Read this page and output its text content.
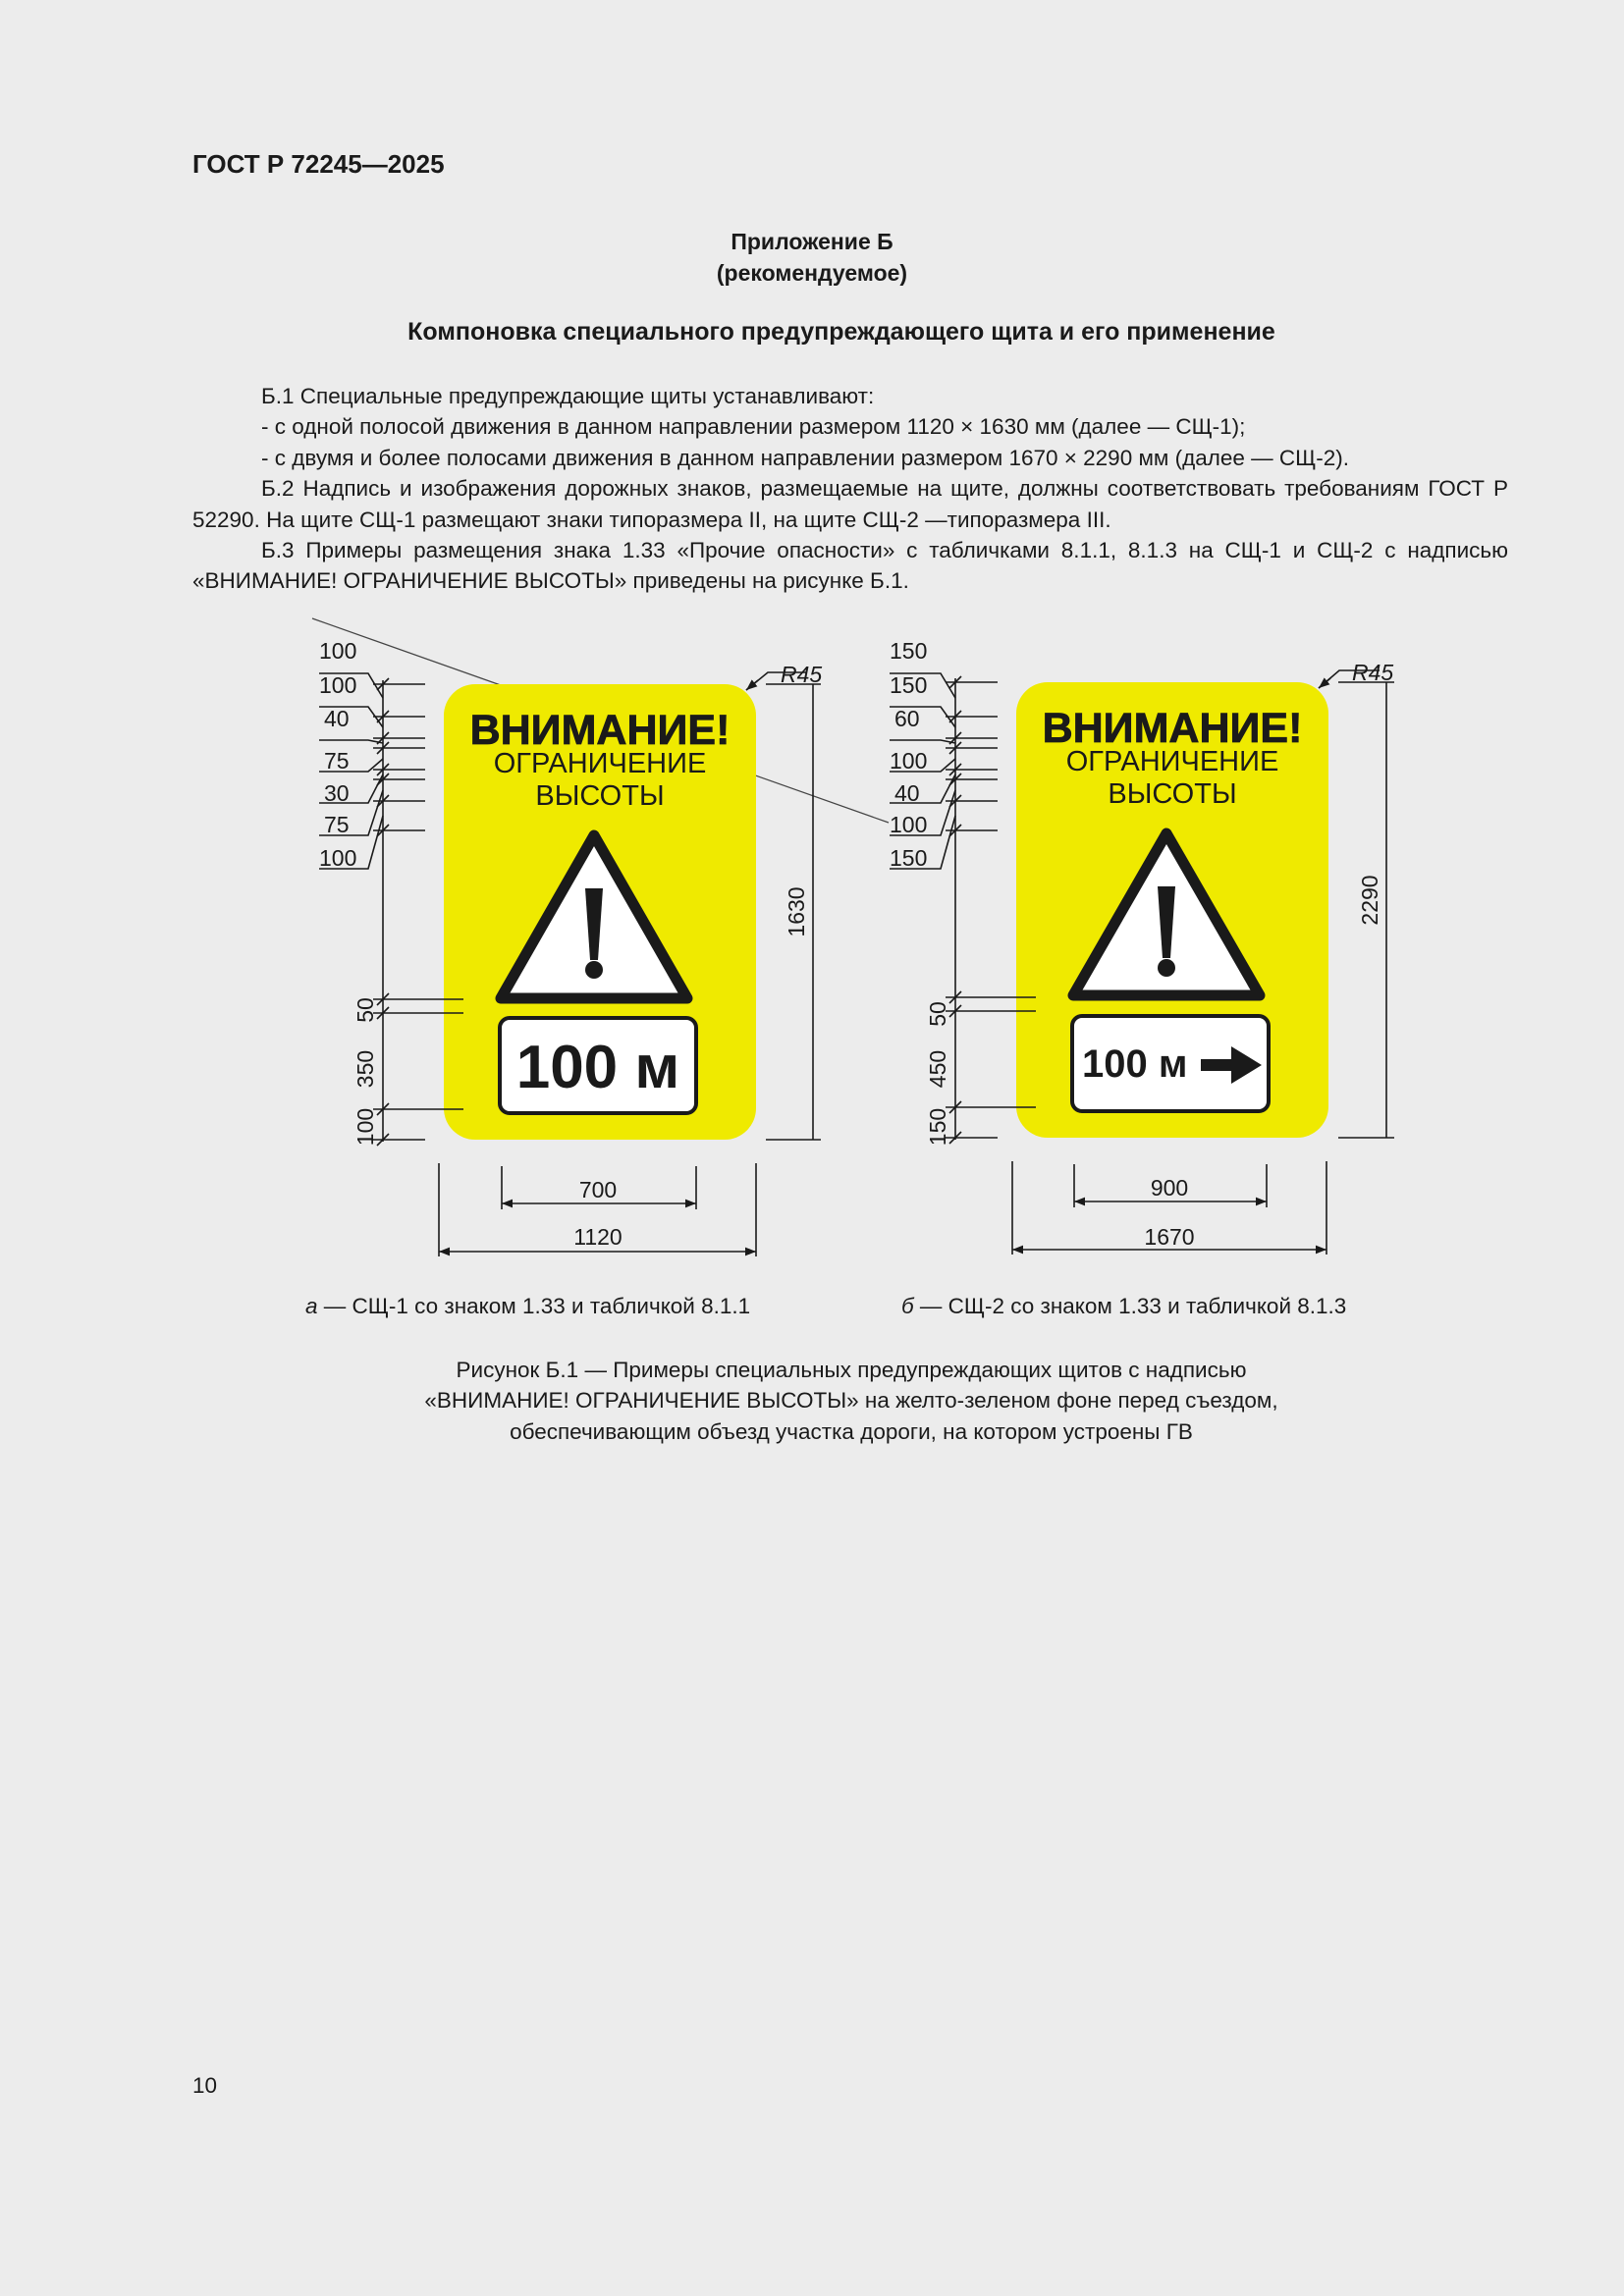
ГОСТ Р 72245—2025
Приложение Б
(рекомендуемое)
Компоновка специального предупреждающего щита и его применение

Б.1 Специальные предупреждающие щиты устанавливают:

- с одной полосой движения в данном направлении размером 1120 × 1630 мм (далее — СЩ-1);

- с двумя и более полосами движения в данном направлении размером 1670 × 2290 мм (далее — СЩ-2).

Б.2 Надпись и изображения дорожных знаков, размещаемые на щите, должны соответствовать требованиям ГОСТ Р 52290. На щите СЩ-1 размещают знаки типоразмера II, на щите СЩ-2 —типоразмера III.

Б.3 Примеры размещения знака 1.33 «Прочие опасности» с табличками 8.1.1, 8.1.3 на СЩ-1 и СЩ-2 с надписью «ВНИМАНИЕ! ОГРАНИЧЕНИЕ ВЫСОТЫ» приведены на рисунке Б.1.

ВНИМАНИЕ!
ОГРАНИЧЕНИЕ
ВЫСОТЫ
100 м
100
100
40
75
30
75
100
R45
1630
50
350
100
700
1120
ВНИМАНИЕ!
ОГРАНИЧЕНИЕ
ВЫСОТЫ
100 м
150
150
60
100
40
100
150
R45
2290
50
450
150
900
1670
а — СЩ-1 со знаком 1.33 и табличкой 8.1.1	б — СЩ-2 со знаком 1.33 и табличкой 8.1.3
Рисунок Б.1 — Примеры специальных предупреждающих щитов с надписью
«ВНИМАНИЕ! ОГРАНИЧЕНИЕ ВЫСОТЫ» на желто-зеленом фоне перед съездом,
обеспечивающим объезд участка дороги, на котором устроены ГВ
10
